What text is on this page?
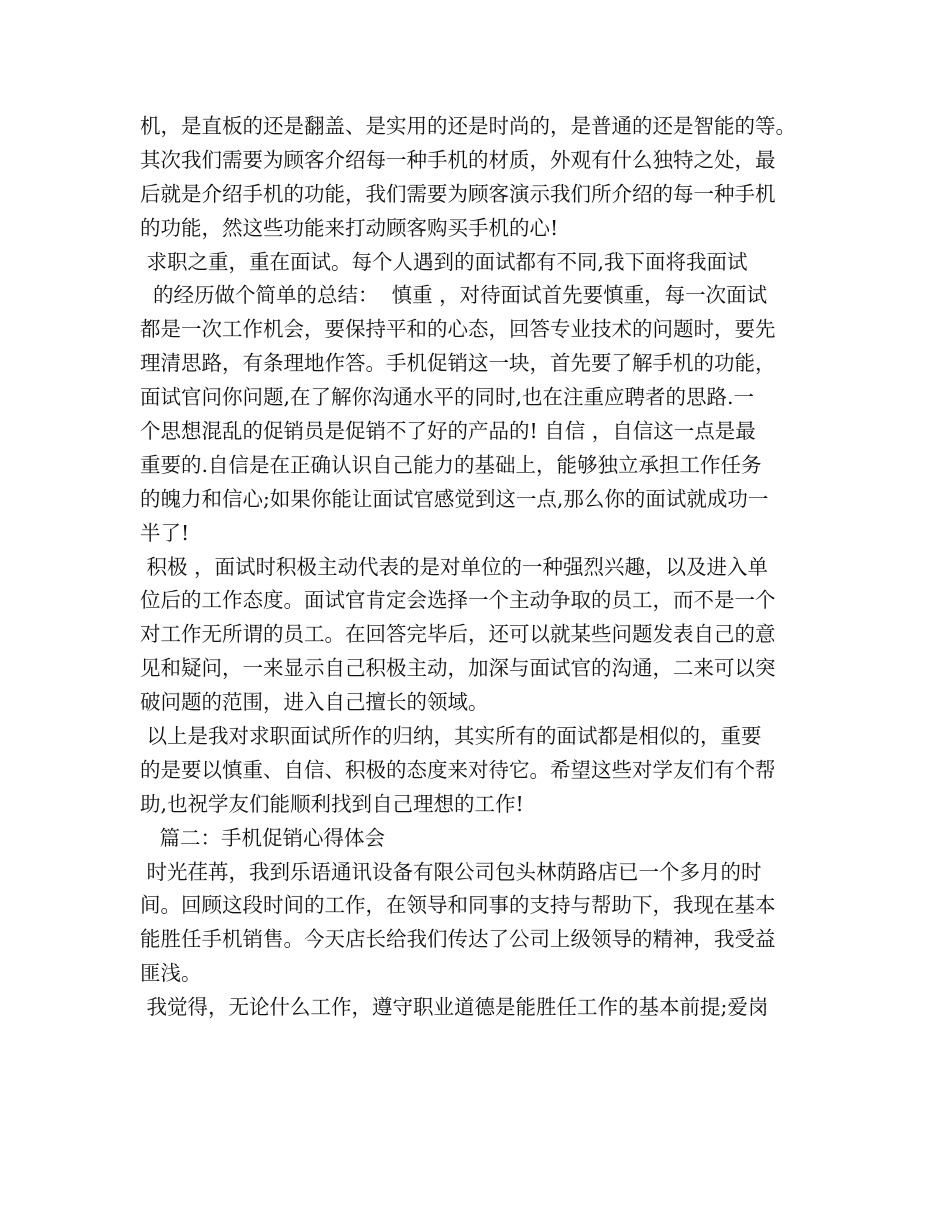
机，是直板的还是翻盖、是实用的还是时尚的，是普通的还是智能的等。
其次我们需要为顾客介绍每一种手机的材质，外观有什么独特之处，最
后就是介绍手机的功能，我们需要为顾客演示我们所介绍的每一种手机
的功能，然这些功能来打动顾客购买手机的心!
求职之重，重在面试。每个人遇到的面试都有不同,我下面将我面试
的经历做个简单的总结：  慎重 ，对待面试首先要慎重，每一次面试
都是一次工作机会，要保持平和的心态，回答专业技术的问题时，要先
理清思路，有条理地作答。手机促销这一块，首先要了解手机的功能，
面试官问你问题,在了解你沟通水平的同时,也在注重应聘者的思路.一
个思想混乱的促销员是促销不了好的产品的! 自信 ，自信这一点是最
重要的.自信是在正确认识自己能力的基础上，能够独立承担工作任务
的魄力和信心;如果你能让面试官感觉到这一点,那么你的面试就成功一
半了!
积极 ，面试时积极主动代表的是对单位的一种强烈兴趣，以及进入单
位后的工作态度。面试官肯定会选择一个主动争取的员工，而不是一个
对工作无所谓的员工。在回答完毕后，还可以就某些问题发表自己的意
见和疑问，一来显示自己积极主动，加深与面试官的沟通，二来可以突
破问题的范围，进入自己擅长的领域。
以上是我对求职面试所作的归纳，其实所有的面试都是相似的，重要
的是要以慎重、自信、积极的态度来对待它。希望这些对学友们有个帮
助,也祝学友们能顺利找到自己理想的工作!
篇二：手机促销心得体会
时光荏苒，我到乐语通讯设备有限公司包头林荫路店已一个多月的时
间。回顾这段时间的工作，在领导和同事的支持与帮助下，我现在基本
能胜任手机销售。今天店长给我们传达了公司上级领导的精神，我受益
匪浅。
我觉得，无论什么工作，遵守职业道德是能胜任工作的基本前提;爱岗
